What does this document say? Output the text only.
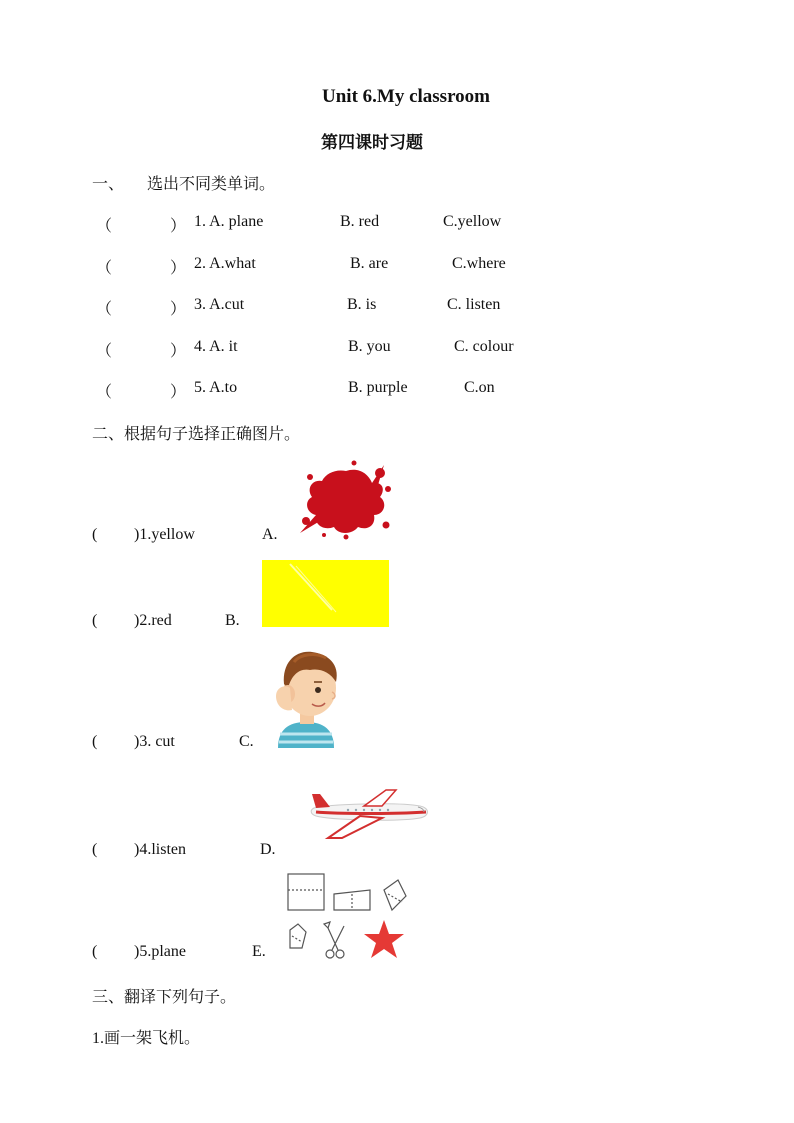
Unit 6.My classroom
第四课时习题
一、 选出不同类单词。
（	） 1. A. plane	B. red	C.yellow
（	） 2. A.what	B. are	C.where
（	） 3. A.cut	B. is	C. listen
（	） 4. A. it	B. you	C. colour
（	） 5. A.to	B. purple	C.on
二、根据句子选择正确图片。
( )1.yellow	A.
( )2.red	B.
( )3. cut	C.
( )4.listen	D.
( )5.plane	E.
三、翻译下列句子。
1.画一架飞机。
